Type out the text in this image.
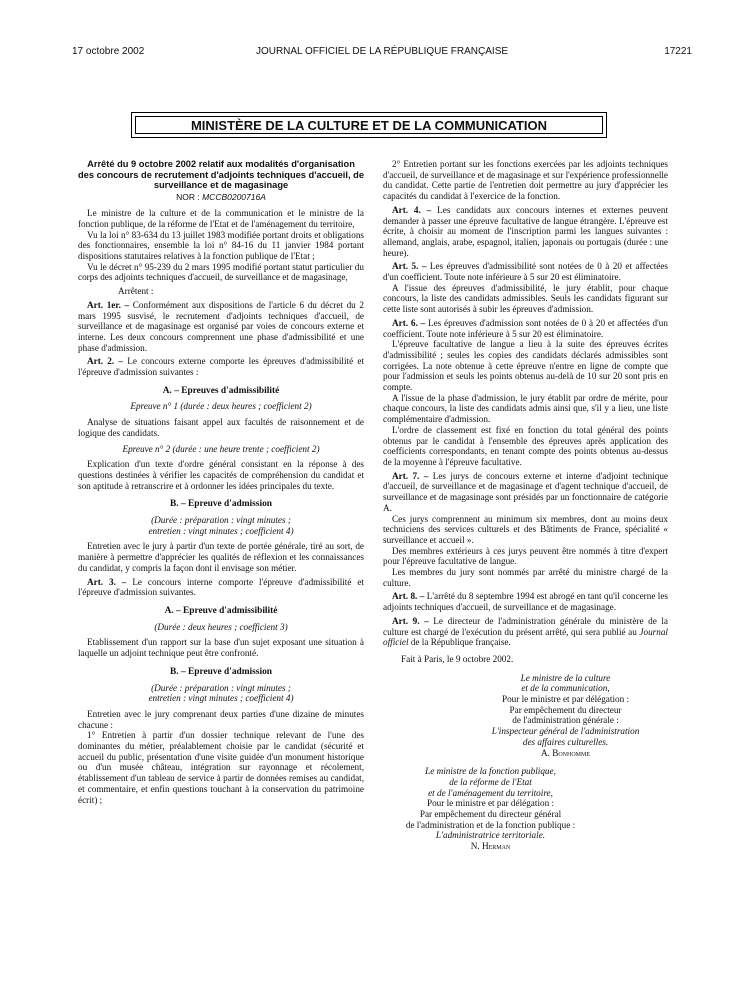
17 octobre 2002	JOURNAL OFFICIEL DE LA RÉPUBLIQUE FRANÇAISE	17221
MINISTÈRE DE LA CULTURE ET DE LA COMMUNICATION
Arrêté du 9 octobre 2002 relatif aux modalités d'organisation des concours de recrutement d'adjoints techniques d'accueil, de surveillance et de magasinage
NOR : MCCB0200716A

Le ministre de la culture et de la communication et le ministre de la fonction publique, de la réforme de l'Etat et de l'aménagement du territoire,

Vu la loi n° 83-634 du 13 juillet 1983 modifiée portant droits et obligations des fonctionnaires, ensemble la loi n° 84-16 du 11 janvier 1984 portant dispositions statutaires relatives à la fonction publique de l'Etat ;

Vu le décret n° 95-239 du 2 mars 1995 modifié portant statut particulier du corps des adjoints techniques d'accueil, de surveillance et de magasinage,

Arrêtent :

Art. 1er. – Conformément aux dispositions de l'article 6 du décret du 2 mars 1995 susvisé, le recrutement d'adjoints techniques d'accueil, de surveillance et de magasinage est organisé par voies de concours externe et interne. Les deux concours comprennent une phase d'admissibilité et une phase d'admission.

Art. 2. – Le concours externe comporte les épreuves d'admissibilité et l'épreuve d'admission suivantes :

A. – Epreuves d'admissibilité
Epreuve n° 1 (durée : deux heures ; coefficient 2)

Analyse de situations faisant appel aux facultés de raisonnement et de logique des candidats.

Epreuve n° 2 (durée : une heure trente ; coefficient 2)

Explication d'un texte d'ordre général consistant en la réponse à des questions destinées à vérifier les capacités de compréhension du candidat et son aptitude à retranscrire et à ordonner les idées principales du texte.

B. – Epreuve d'admission
(Durée : préparation : vingt minutes ;
entretien : vingt minutes ; coefficient 4)

Entretien avec le jury à partir d'un texte de portée générale, tiré au sort, de manière à permettre d'apprécier les qualités de réflexion et les connaissances du candidat, y compris la façon dont il envisage son métier.

Art. 3. – Le concours interne comporte l'épreuve d'admissibilité et l'épreuve d'admission suivantes.

A. – Epreuve d'admissibilité
(Durée : deux heures ; coefficient 3)

Etablissement d'un rapport sur la base d'un sujet exposant une situation à laquelle un adjoint technique peut être confronté.

B. – Epreuve d'admission
(Durée : préparation : vingt minutes ;
entretien : vingt minutes ; coefficient 4)

Entretien avec le jury comprenant deux parties d'une dizaine de minutes chacune :

1° Entretien à partir d'un dossier technique relevant de l'une des dominantes du métier, préalablement choisie par le candidat (sécurité et accueil du public, présentation d'une visite guidée d'un monument historique ou d'un musée château, intégration sur rayonnage et récolement, établissement d'un tableau de service à partir de données remises au candidat, et commentaire, et enfin questions touchant à la conservation du patrimoine écrit) ;

2° Entretien portant sur les fonctions exercées par les adjoints techniques d'accueil, de surveillance et de magasinage et sur l'expérience professionnelle du candidat. Cette partie de l'entretien doit permettre au jury d'apprécier les capacités du candidat à l'exercice de la fonction.

Art. 4. – Les candidats aux concours internes et externes peuvent demander à passer une épreuve facultative de langue étrangère. L'épreuve est écrite, à choisir au moment de l'inscription parmi les langues suivantes : allemand, anglais, arabe, espagnol, italien, japonais ou portugais (durée : une heure).

Art. 5. – Les épreuves d'admissibilité sont notées de 0 à 20 et affectées d'un coefficient. Toute note inférieure à 5 sur 20 est éliminatoire.

A l'issue des épreuves d'admissibilité, le jury établit, pour chaque concours, la liste des candidats admissibles. Seuls les candidats figurant sur cette liste sont autorisés à subir les épreuves d'admission.

Art. 6. – Les épreuves d'admission sont notées de 0 à 20 et affectées d'un coefficient. Toute note inférieure à 5 sur 20 est éliminatoire.

L'épreuve facultative de langue a lieu à la suite des épreuves écrites d'admissibilité ; seules les copies des candidats déclarés admissibles sont corrigées. La note obtenue à cette épreuve n'entre en ligne de compte que pour l'admission et seuls les points obtenus au-delà de 10 sur 20 sont pris en compte.

A l'issue de la phase d'admission, le jury établit par ordre de mérite, pour chaque concours, la liste des candidats admis ainsi que, s'il y a lieu, une liste complémentaire d'admission.

L'ordre de classement est fixé en fonction du total général des points obtenus par le candidat à l'ensemble des épreuves après application des coefficients correspondants, en tenant compte des points obtenus au-dessus de la moyenne à l'épreuve facultative.

Art. 7. – Les jurys de concours externe et interne d'adjoint technique d'accueil, de surveillance et de magasinage et d'agent technique d'accueil, de surveillance et de magasinage sont présidés par un fonctionnaire de catégorie A.

Ces jurys comprennent au minimum six membres, dont au moins deux techniciens des services culturels et des Bâtiments de France, spécialité « surveillance et accueil ».

Des membres extérieurs à ces jurys peuvent être nommés à titre d'expert pour l'épreuve facultative de langue.

Les membres du jury sont nommés par arrêté du ministre chargé de la culture.

Art. 8. – L'arrêté du 8 septembre 1994 est abrogé en tant qu'il concerne les adjoints techniques d'accueil, de surveillance et de magasinage.

Art. 9. – Le directeur de l'administration générale du ministère de la culture est chargé de l'exécution du présent arrêté, qui sera publié au Journal officiel de la République française.

Fait à Paris, le 9 octobre 2002.

Le ministre de la culture
et de la communication,
Pour le ministre et par délégation :
Par empêchement du directeur
de l'administration générale :
L'inspecteur général de l'administration
des affaires culturelles.
A. Bonhomme
Le ministre de la fonction publique,
de la réforme de l'Etat
et de l'aménagement du territoire,
Pour le ministre et par délégation :
Par empêchement du directeur général
de l'administration et de la fonction publique :
L'administratrice territoriale.
N. Herman
